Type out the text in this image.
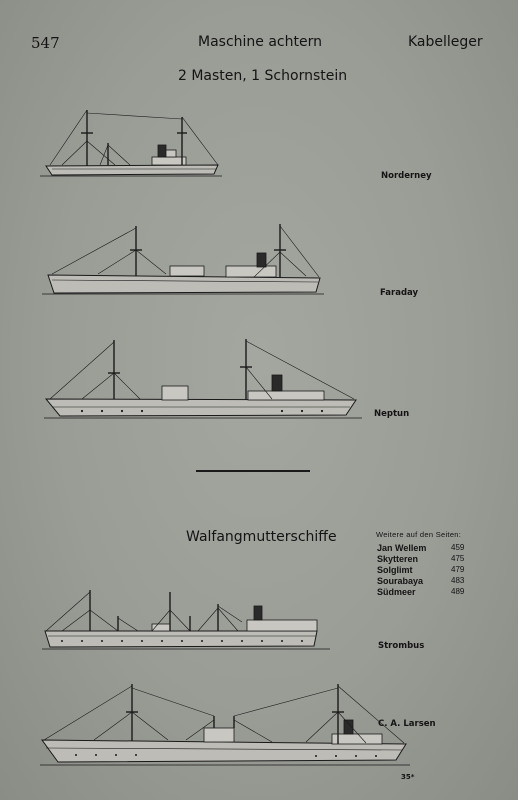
547	Maschine achtern	Kabelleger
2 Masten, 1 Schornstein
Norderney
Faraday
Neptun
Walfangmutterschiffe	Weitere auf den Seiten:
Jan Wellem	459
Skytteren	475
Solglimt	479
Sourabaya	483
Südmeer	489
Strombus
C. A. Larsen
35*
